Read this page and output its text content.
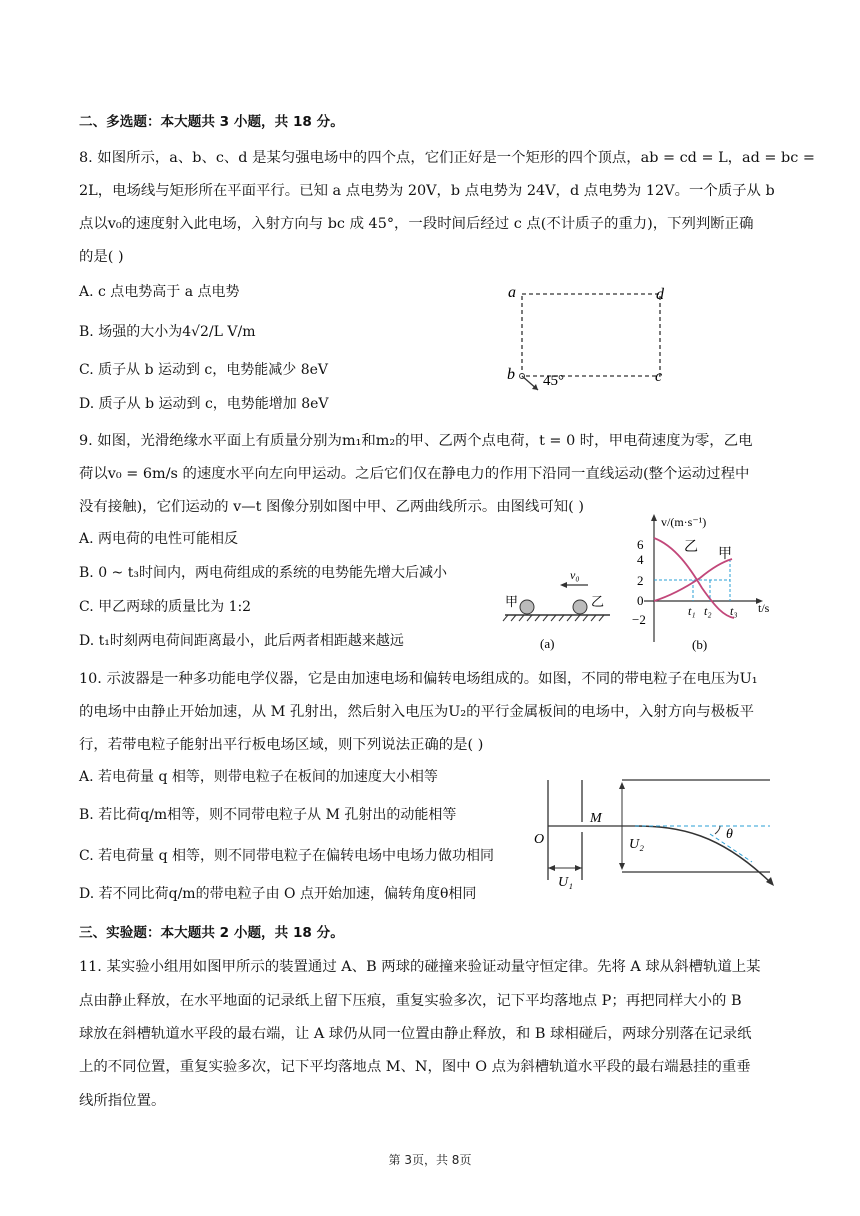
二、多选题：本大题共 3 小题，共 18 分。
8. 如图所示，a、b、c、d 是某匀强电场中的四个点，它们正好是一个矩形的四个顶点，ab = cd = L，ad = bc =
2L，电场线与矩形所在平面平行。已知 a 点电势为 20V，b 点电势为 24V，d 点电势为 12V。一个质子从 b
点以v₀的速度射入此电场，入射方向与 bc 成 45°，一段时间后经过 c 点(不计质子的重力)，下列判断正确
的是( )
A. c 点电势高于 a 点电势
B. 场强的大小为4√2/L V/m
C. 质子从 b 运动到 c，电势能减少 8eV
D. 质子从 b 运动到 c，电势能增加 8eV
a	d
b	c
45°
9. 如图，光滑绝缘水平面上有质量分别为m₁和m₂的甲、乙两个点电荷，t = 0 时，甲电荷速度为零，乙电
荷以v₀ = 6m/s 的速度水平向左向甲运动。之后它们仅在静电力的作用下沿同一直线运动(整个运动过程中
没有接触)，它们运动的 v—t 图像分别如图中甲、乙两曲线所示。由图线可知( )
A. 两电荷的电性可能相反
B. 0 ~ t₃时间内，两电荷组成的系统的电势能先增大后减小
C. 甲乙两球的质量比为 1:2
D. t₁时刻两电荷间距离最小，此后两者相距越来越远
v₀
甲	乙
(a)
v/(m·s⁻¹)
t/s
6
4
2
0
−2
乙 甲
t₁ t₂ t₃
(b)
10. 示波器是一种多功能电学仪器，它是由加速电场和偏转电场组成的。如图，不同的带电粒子在电压为U₁
的电场中由静止开始加速，从 M 孔射出，然后射入电压为U₂的平行金属板间的电场中，入射方向与极板平
行，若带电粒子能射出平行板电场区域，则下列说法正确的是( )
A. 若电荷量 q 相等，则带电粒子在板间的加速度大小相等
B. 若比荷q/m相等，则不同带电粒子从 M 孔射出的动能相等
C. 若电荷量 q 相等，则不同带电粒子在偏转电场中电场力做功相同
D. 若不同比荷q/m的带电粒子由 O 点开始加速，偏转角度θ相同
O
M
U₂
U₁
θ
三、实验题：本大题共 2 小题，共 18 分。
11. 某实验小组用如图甲所示的装置通过 A、B 两球的碰撞来验证动量守恒定律。先将 A 球从斜槽轨道上某
点由静止释放，在水平地面的记录纸上留下压痕，重复实验多次，记下平均落地点 P；再把同样大小的 B
球放在斜槽轨道水平段的最右端，让 A 球仍从同一位置由静止释放，和 B 球相碰后，两球分别落在记录纸
上的不同位置，重复实验多次，记下平均落地点 M、N，图中 O 点为斜槽轨道水平段的最右端悬挂的重垂
线所指位置。
第 3页，共 8页
